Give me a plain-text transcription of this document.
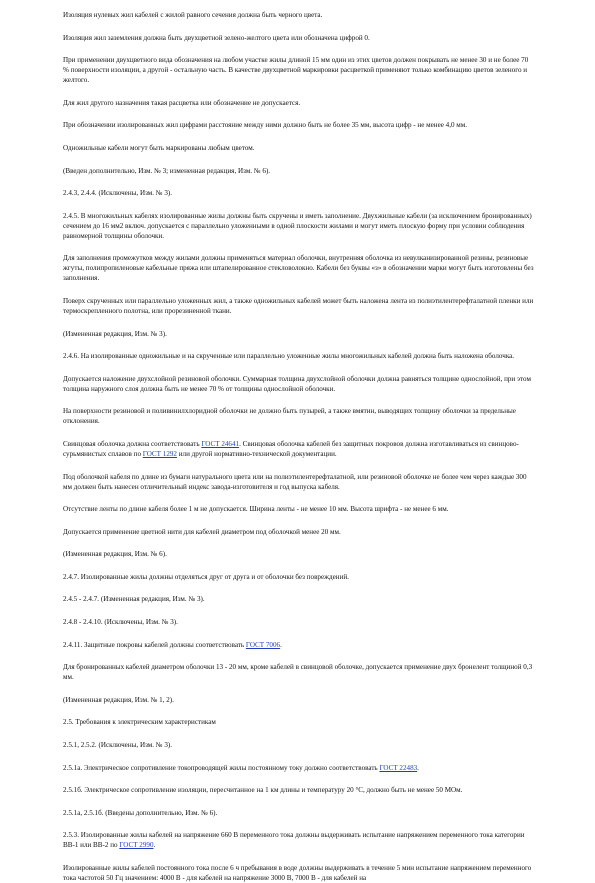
Изоляция нулевых жил кабелей с жилой равного сечения должна быть черного цвета.

Изоляция жил заземления должна быть двухцветной зелено-желтого цвета или обозначена цифрой 0.

При применении двухцветного вида обозначения на любом участке жилы длиной 15 мм один из этих цветов должен покрывать не менее 30 и не более 70 % поверхности изоляции, а другой - остальную часть. В качестве двухцветной маркировки расцветкой применяют только комбинацию цветов зеленого и желтого.

Для жил другого назначения такая расцветка или обозначение не допускается.

При обозначении изолированных жил цифрами расстояние между ними должно быть не более 35 мм, высота цифр - не менее 4,0 мм.

Одножильные кабели могут быть маркированы любым цветом.

(Введен дополнительно, Изм. № 3; измененная редакция, Изм. № 6).

2.4.3, 2.4.4. (Исключены, Изм. № 3).

2.4.5. В многожильных кабелях изолированные жилы должны быть скручены и иметь заполнение. Двухжильные кабели (за исключением бронированных) сечением до 16 мм2 включ. допускается с параллельно уложенными в одной плоскости жилами и могут иметь плоскую форму при условии соблюдения равномерной толщины оболочки.

Для заполнения промежутков между жилами должны применяться материал оболочки, внутренняя оболочка из невулканизированной резины, резиновые жгуты, полипропиленовые кабельные пряжа или штапелированное стекловолокно. Кабели без буквы «з» в обозначении марки могут быть изготовлены без заполнения.

Поверх скрученных или параллельно уложенных жил, а также одножильных кабелей может быть наложена лента из полиэтилентерефталатной пленки или термоскрепленного полотна, или прорезиненной ткани.

(Измененная редакция, Изм. № 3).

2.4.6. На изолированные одножильные и на скрученные или параллельно уложенные жилы многожильных кабелей должна быть наложена оболочка.

Допускается наложение двухслойной резиновой оболочки. Суммарная толщина двухслойной оболочки должна равняться толщине однослойной, при этом толщина наружного слоя должна быть не менее 70 % от толщины однослойной оболочки.

На поверхности резиновой и поливинилхлоридной оболочки не должно быть пузырей, а также вмятин, выводящих толщину оболочки за предельные отклонения.

Свинцовая оболочка должна соответствовать ГОСТ 24641. Свинцовая оболочка кабелей без защитных покровов должна изготавливаться из свинцово-сурьмянистых сплавов по ГОСТ 1292 или другой нормативно-технической документации.

Под оболочкой кабеля по длине из бумаги натурального цвета или на полиэтилентерефталатной, или резиновой оболочке не более чем через каждые 300 мм должен быть нанесен отличительный индекс завода-изготовителя и год выпуска кабеля.

Отсутствие ленты по длине кабеля более 1 м не допускается. Ширина ленты - не менее 10 мм. Высота шрифта - не менее 6 мм.

Допускается применение цветной нити для кабелей диаметром под оболочкой менее 20 мм.

(Измененная редакция, Изм. № 6).

2.4.7. Изолированные жилы должны отделяться друг от друга и от оболочки без повреждений.

2.4.5 - 2.4.7. (Измененная редакция, Изм. № 3).

2.4.8 - 2.4.10. (Исключены, Изм. № 3).

2.4.11. Защитные покровы кабелей должны соответствовать ГОСТ 7006.

Для бронированных кабелей диаметром оболочки 13 - 20 мм, кроме кабелей в свинцовой оболочке, допускается применение двух бронелент толщиной 0,3 мм.

(Измененная редакция, Изм. № 1, 2).

2.5. Требования к электрическим характеристикам

2.5.1, 2.5.2. (Исключены, Изм. № 3).

2.5.1а. Электрическое сопротивление токопроводящей жилы постоянному току должно соответствовать ГОСТ 22483.

2.5.1б. Электрическое сопротивление изоляции, пересчитанное на 1 км длины и температуру 20 °С, должно быть не менее 50 МОм.

2.5.1а, 2.5.1б. (Введены дополнительно, Изм. № 6).

2.5.3. Изолированные жилы кабелей на напряжение 660 В переменного тока должны выдерживать испытание напряжением переменного тока категории ВВ-1 или ВВ-2 по ГОСТ 2990.

Изолированные жилы кабелей постоянного тока после 6 ч пребывания в воде должны выдерживать в течение 5 мин испытание напряжением переменного тока частотой 50 Гц значением: 4000 В - для кабелей на напряжение 3000 В, 7000 В - для кабелей на
